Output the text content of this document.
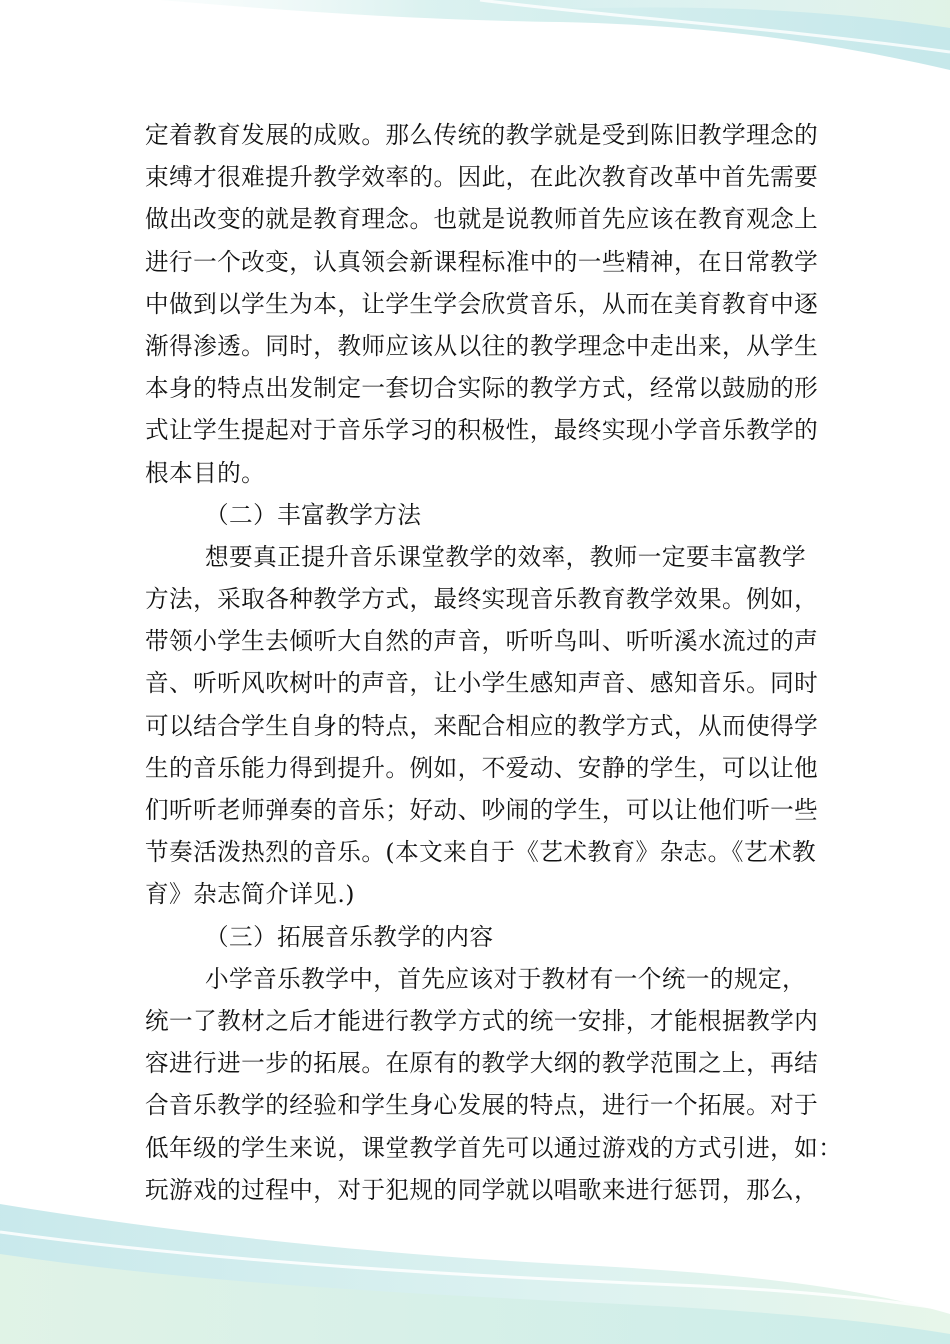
定着教育发展的成败。那么传统的教学就是受到陈旧教学理念的
束缚才很难提升教学效率的。因此，在此次教育改革中首先需要
做出改变的就是教育理念。也就是说教师首先应该在教育观念上
进行一个改变，认真领会新课程标准中的一些精神，在日常教学
中做到以学生为本，让学生学会欣赏音乐，从而在美育教育中逐
渐得渗透。同时，教师应该从以往的教学理念中走出来，从学生
本身的特点出发制定一套切合实际的教学方式，经常以鼓励的形
式让学生提起对于音乐学习的积极性，最终实现小学音乐教学的
根本目的。
（二）丰富教学方法
想要真正提升音乐课堂教学的效率，教师一定要丰富教学
方法，采取各种教学方式，最终实现音乐教育教学效果。例如，
带领小学生去倾听大自然的声音，听听鸟叫、听听溪水流过的声
音、听听风吹树叶的声音，让小学生感知声音、感知音乐。同时
可以结合学生自身的特点，来配合相应的教学方式，从而使得学
生的音乐能力得到提升。例如，不爱动、安静的学生，可以让他
们听听老师弹奏的音乐；好动、吵闹的学生，可以让他们听一些
节奏活泼热烈的音乐。(本文来自于《艺术教育》杂志。《艺术教
育》杂志简介详见.)
（三）拓展音乐教学的内容
小学音乐教学中，首先应该对于教材有一个统一的规定，
统一了教材之后才能进行教学方式的统一安排，才能根据教学内
容进行进一步的拓展。在原有的教学大纲的教学范围之上，再结
合音乐教学的经验和学生身心发展的特点，进行一个拓展。对于
低年级的学生来说，课堂教学首先可以通过游戏的方式引进，如：
玩游戏的过程中，对于犯规的同学就以唱歌来进行惩罚，那么，
